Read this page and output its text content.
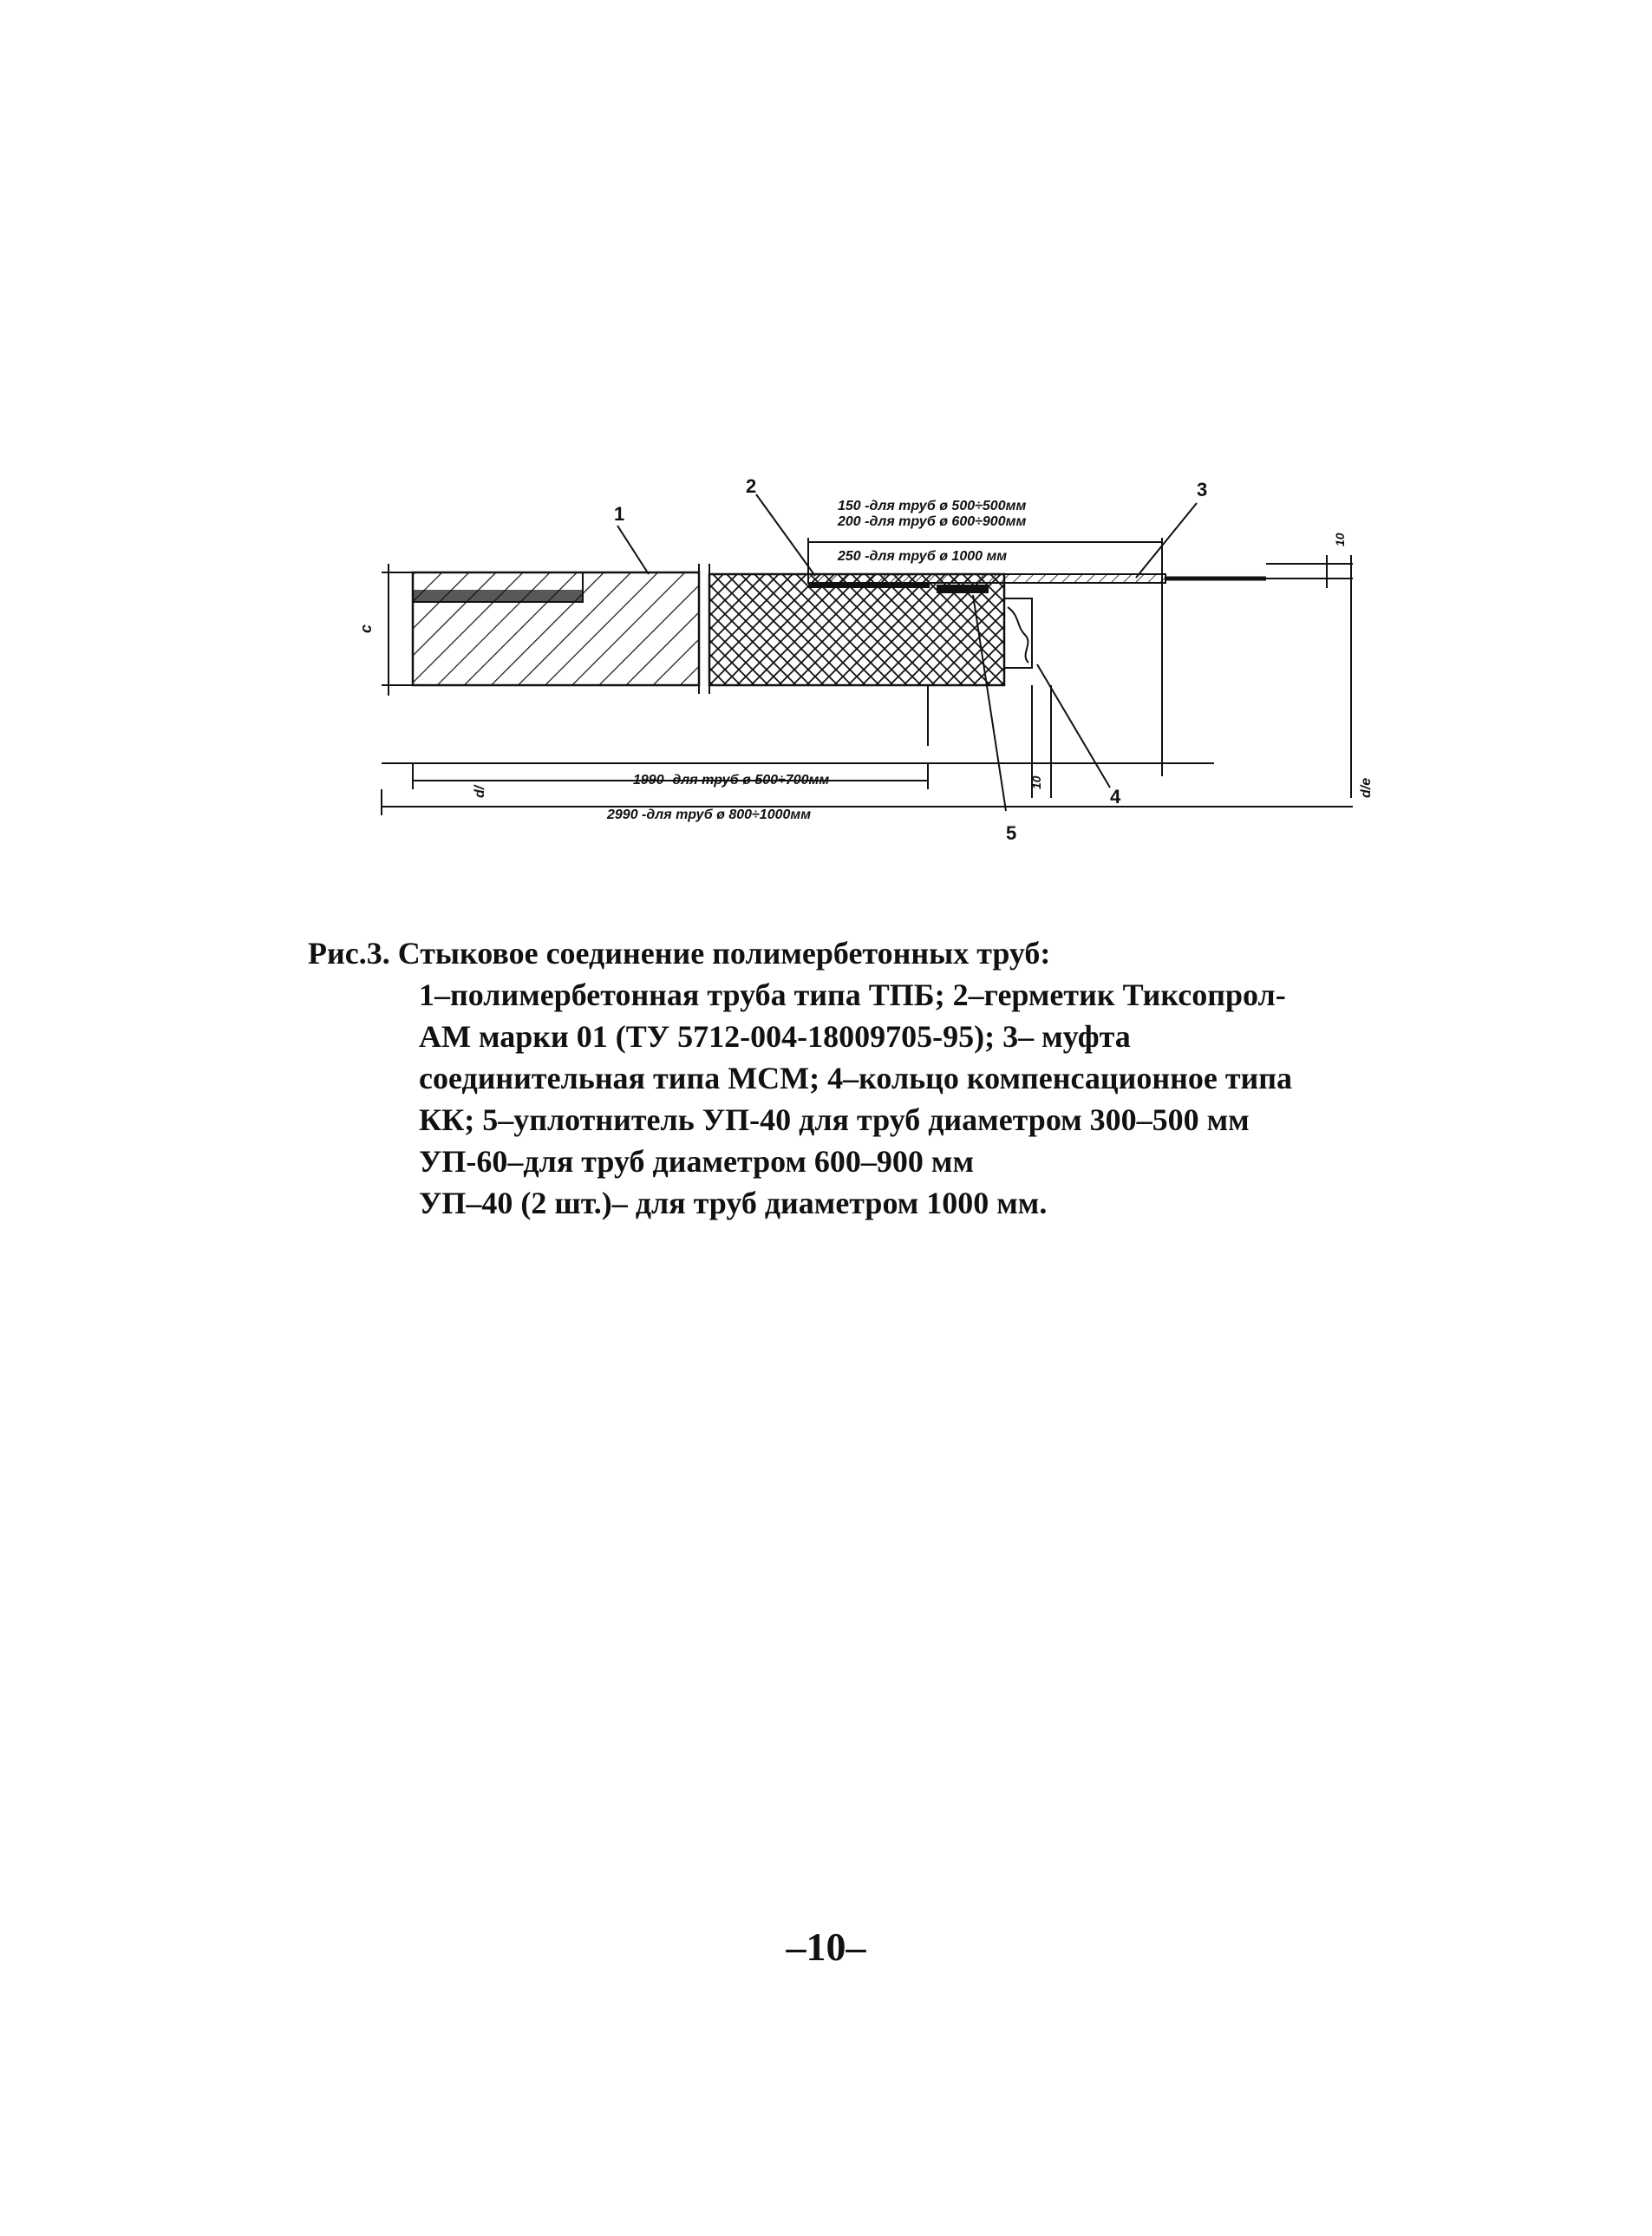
1
2	3
4
5
150 -для труб ø 500÷500мм
200 -для труб ø 600÷900мм
250 -для труб ø 1000 мм
1990 -для труб ø 500÷700мм
2990 -для труб ø 800÷1000мм
c
10
10
d/	d/e
Рис.3. Стыковое соединение полимербетонных труб:
1–полимербетонная труба типа ТПБ; 2–герметик Тиксопрол-
АМ марки 01 (ТУ 5712-004-18009705-95); 3– муфта
соединительная типа МСМ; 4–кольцо компенсационное типа
КК; 5–уплотнитель УП-40 для труб диаметром 300–500 мм
УП-60–для труб диаметром 600–900 мм
УП–40 (2 шт.)– для труб диаметром 1000 мм.
–10–
